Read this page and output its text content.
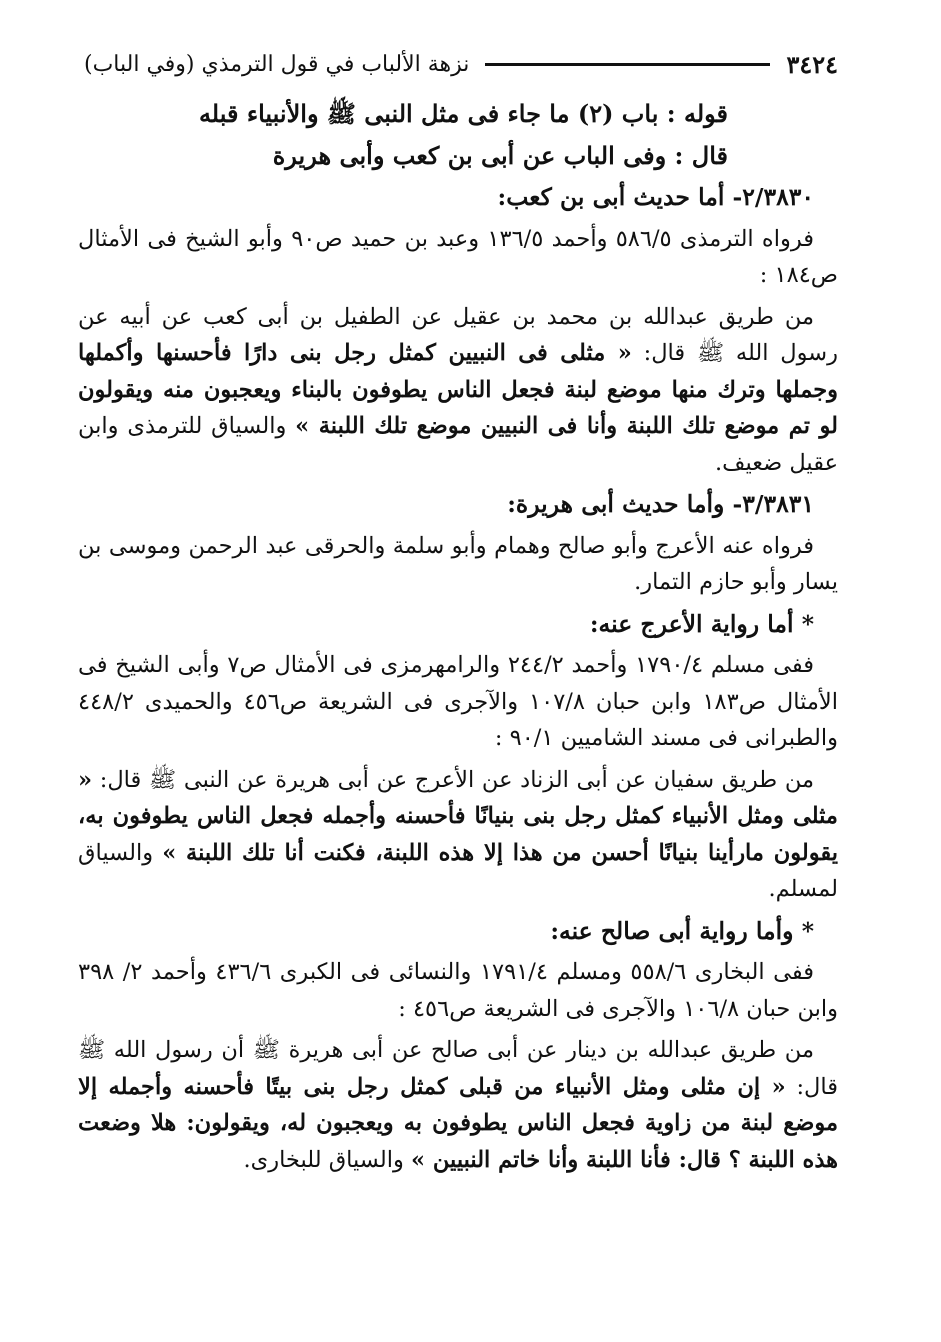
٣٤٢٤
نزهة الألباب في قول الترمذي (وفي الباب)

قوله : باب (٢) ما جاء فى مثل النبى ﷺ والأنبياء قبله

قال : وفى الباب عن أبى بن كعب وأبى هريرة

٢/٣٨٣٠- أما حديث أبى بن كعب:

فرواه الترمذى ٥٨٦/٥ وأحمد ١٣٦/٥ وعبد بن حميد ص٩٠ وأبو الشيخ فى الأمثال ص١٨٤ :

من طريق عبدالله بن محمد بن عقيل عن الطفيل بن أبى كعب عن أبيه عن رسول الله ﷺ قال: « مثلى فى النبيين كمثل رجل بنى دارًا فأحسنها وأكملها وجملها وترك منها موضع لبنة فجعل الناس يطوفون بالبناء ويعجبون منه ويقولون لو تم موضع تلك اللبنة وأنا فى النبيين موضع تلك اللبنة » والسياق للترمذى وابن عقيل ضعيف.

٣/٣٨٣١- وأما حديث أبى هريرة:

فرواه عنه الأعرج وأبو صالح وهمام وأبو سلمة والحرقى عبد الرحمن وموسى بن يسار وأبو حازم التمار.

* أما رواية الأعرج عنه:

ففى مسلم ١٧٩٠/٤ وأحمد ٢٤٤/٢ والرامهرمزى فى الأمثال ص٧ وأبى الشيخ فى الأمثال ص١٨٣ وابن حبان ١٠٧/٨ والآجرى فى الشريعة ص٤٥٦ والحميدى ٤٤٨/٢ والطبرانى فى مسند الشاميين ٩٠/١ :

من طريق سفيان عن أبى الزناد عن الأعرج عن أبى هريرة عن النبى ﷺ قال: « مثلى ومثل الأنبياء كمثل رجل بنى بنيانًا فأحسنه وأجمله فجعل الناس يطوفون به، يقولون مارأينا بنيانًا أحسن من هذا إلا هذه اللبنة، فكنت أنا تلك اللبنة » والسياق لمسلم.

* وأما رواية أبى صالح عنه:

ففى البخارى ٥٥٨/٦ ومسلم ١٧٩١/٤ والنسائى فى الكبرى ٤٣٦/٦ وأحمد ٢/ ٣٩٨ وابن حبان ١٠٦/٨ والآجرى فى الشريعة ص٤٥٦ :

من طريق عبدالله بن دينار عن أبى صالح عن أبى هريرة ﷺ أن رسول الله ﷺ قال: « إن مثلى ومثل الأنبياء من قبلى كمثل رجل بنى بيتًا فأحسنه وأجمله إلا موضع لبنة من زاوية فجعل الناس يطوفون به ويعجبون له، ويقولون: هلا وضعت هذه اللبنة ؟ قال: فأنا اللبنة وأنا خاتم النبيين » والسياق للبخارى.
